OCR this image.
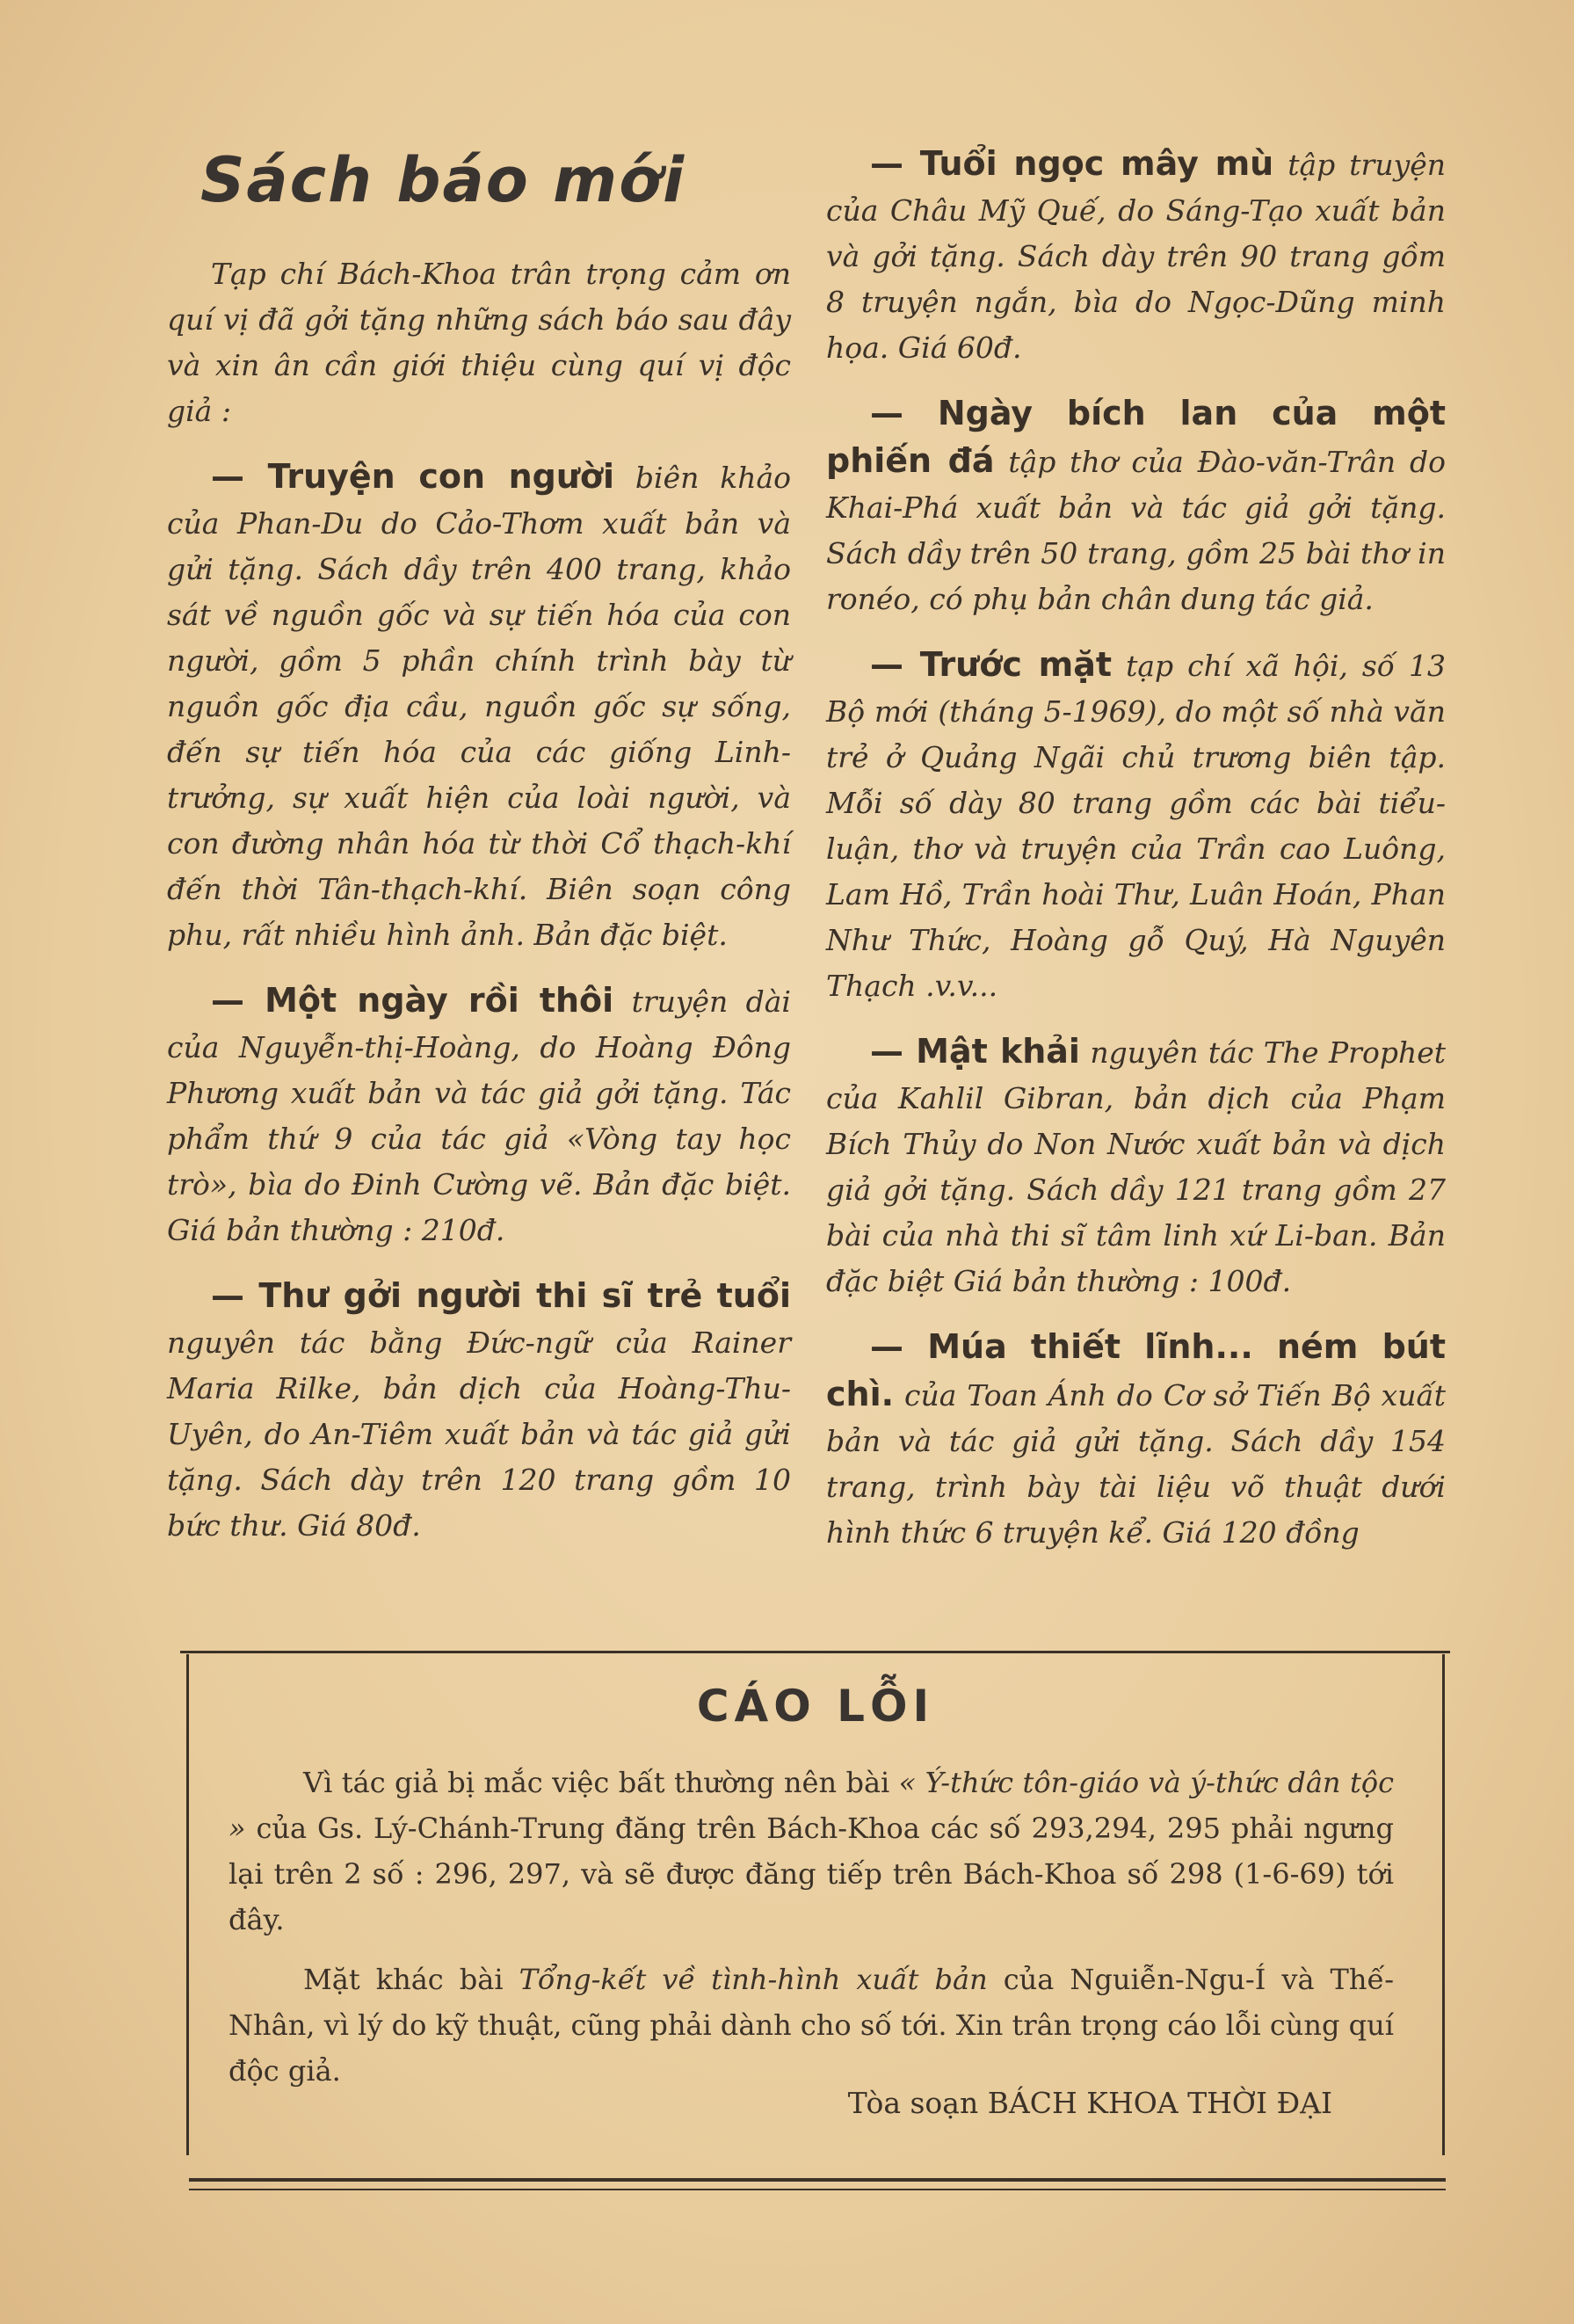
Sách báo mới

Tạp chí Bách-Khoa trân trọng cảm ơn quí vị đã gởi tặng những sách báo sau đây và xin ân cần giới thiệu cùng quí vị độc giả :

— Truyện con người biên khảo của Phan-Du do Cảo-Thơm xuất bản và gửi tặng. Sách dầy trên 400 trang, khảo sát về nguồn gốc và sự tiến hóa của con người, gồm 5 phần chính trình bày từ nguồn gốc địa cầu, nguồn gốc sự sống, đến sự tiến hóa của các giống Linh-trưởng, sự xuất hiện của loài người, và con đường nhân hóa từ thời Cổ thạch-khí đến thời Tân-thạch-khí. Biên soạn công phu, rất nhiều hình ảnh. Bản đặc biệt.

— Một ngày rồi thôi truyện dài của Nguyễn-thị-Hoàng, do Hoàng Đông Phương xuất bản và tác giả gởi tặng. Tác phẩm thứ 9 của tác giả «Vòng tay học trò», bìa do Đinh Cường vẽ. Bản đặc biệt. Giá bản thường : 210đ.

— Thư gởi người thi sĩ trẻ tuổi nguyên tác bằng Đức-ngữ của Rainer Maria Rilke, bản dịch của Hoàng-Thu-Uyên, do An-Tiêm xuất bản và tác giả gửi tặng. Sách dày trên 120 trang gồm 10 bức thư. Giá 80đ.

— Tuổi ngọc mây mù tập truyện của Châu Mỹ Quế, do Sáng-Tạo xuất bản và gởi tặng. Sách dày trên 90 trang gồm 8 truyện ngắn, bìa do Ngọc-Dũng minh họa. Giá 60đ.

— Ngày bích lan của một phiến đá tập thơ của Đào-văn-Trân do Khai-Phá xuất bản và tác giả gởi tặng. Sách dầy trên 50 trang, gồm 25 bài thơ in ronéo, có phụ bản chân dung tác giả.

— Trước mặt tạp chí xã hội, số 13 Bộ mới (tháng 5-1969), do một số nhà văn trẻ ở Quảng Ngãi chủ trương biên tập. Mỗi số dày 80 trang gồm các bài tiểu-luận, thơ và truyện của Trần cao Luông, Lam Hồ, Trần hoài Thư, Luân Hoán, Phan Như Thức, Hoàng gỗ Quý, Hà Nguyên Thạch .v.v...

— Mật khải nguyên tác The Prophet của Kahlil Gibran, bản dịch của Phạm Bích Thủy do Non Nước xuất bản và dịch giả gởi tặng. Sách dầy 121 trang gồm 27 bài của nhà thi sĩ tâm linh xứ Li-ban. Bản đặc biệt Giá bản thường : 100đ.

— Múa thiết lĩnh... ném bút chì. của Toan Ánh do Cơ sở Tiến Bộ xuất bản và tác giả gửi tặng. Sách dầy 154 trang, trình bày tài liệu võ thuật dưới hình thức 6 truyện kể. Giá 120 đồng

CÁO LỖI

Vì tác giả bị mắc việc bất thường nên bài « Ý-thức tôn-giáo và ý-thức dân tộc » của Gs. Lý-Chánh-Trung đăng trên Bách-Khoa các số 293,294, 295 phải ngưng lại trên 2 số : 296, 297, và sẽ được đăng tiếp trên Bách-Khoa số 298 (1-6-69) tới đây.

Mặt khác bài Tổng-kết về tình-hình xuất bản của Nguiễn-Ngu-Í và Thế-Nhân, vì lý do kỹ thuật, cũng phải dành cho số tới. Xin trân trọng cáo lỗi cùng quí độc giả.

Tòa soạn BÁCH KHOA THỜI ĐẠI
